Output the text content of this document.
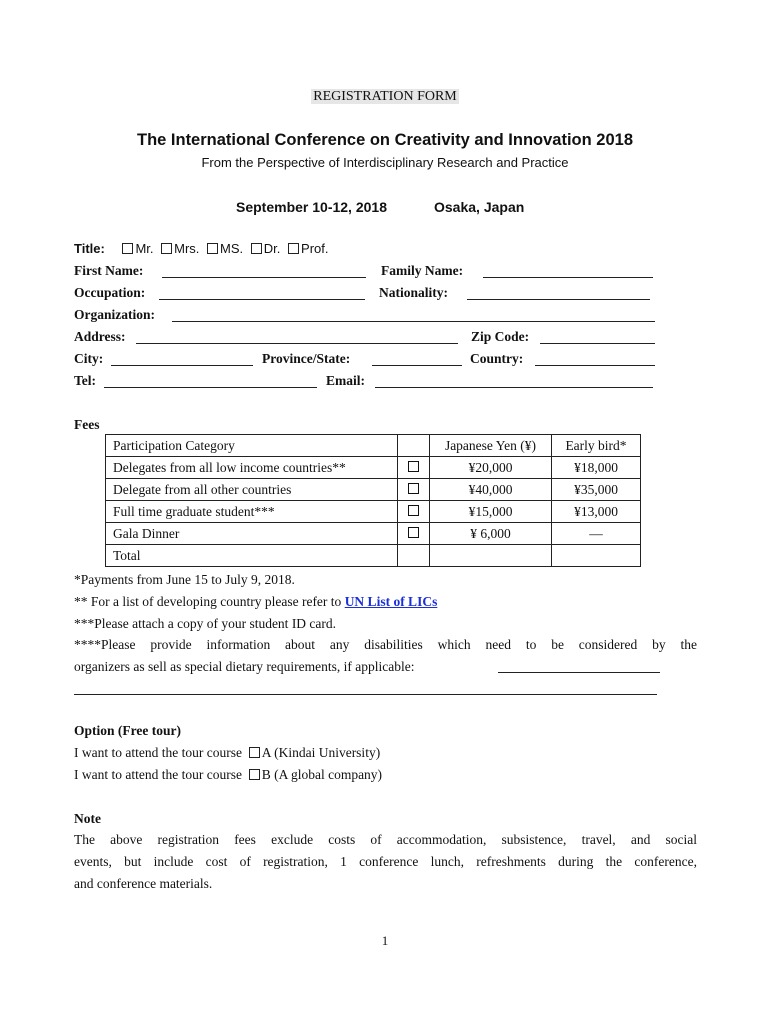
REGISTRATION FORM
The International Conference on Creativity and Innovation 2018
From the Perspective of Interdisciplinary Research and Practice
September 10-12, 2018	Osaka, Japan
Title: Mr. Mrs. MS. Dr. Prof.
First Name:	Family Name:
Occupation:	Nationality:
Organization:
Address:	Zip Code:
City:	Province/State:	Country:
Tel:	Email:
Fees
Participation Category		Japanese Yen (¥)	Early bird*
Delegates from all low income countries**		¥20,000	¥18,000
Delegate from all other countries		¥40,000	¥35,000
Full time graduate student***		¥15,000	¥13,000
Gala Dinner		¥ 6,000	—
Total			
*Payments from June 15 to July 9, 2018.
** For a list of developing country please refer to UN List of LICs
***Please attach a copy of your student ID card.
****Please provide information about any disabilities which need to be considered by the
organizers as sell as special dietary requirements, if applicable:
Option (Free tour)
I want to attend the tour course A (Kindai University)
I want to attend the tour course B (A global company)
Note
The above registration fees exclude costs of accommodation, subsistence, travel, and social
events, but include cost of registration, 1 conference lunch, refreshments during the conference,
and conference materials.
1
